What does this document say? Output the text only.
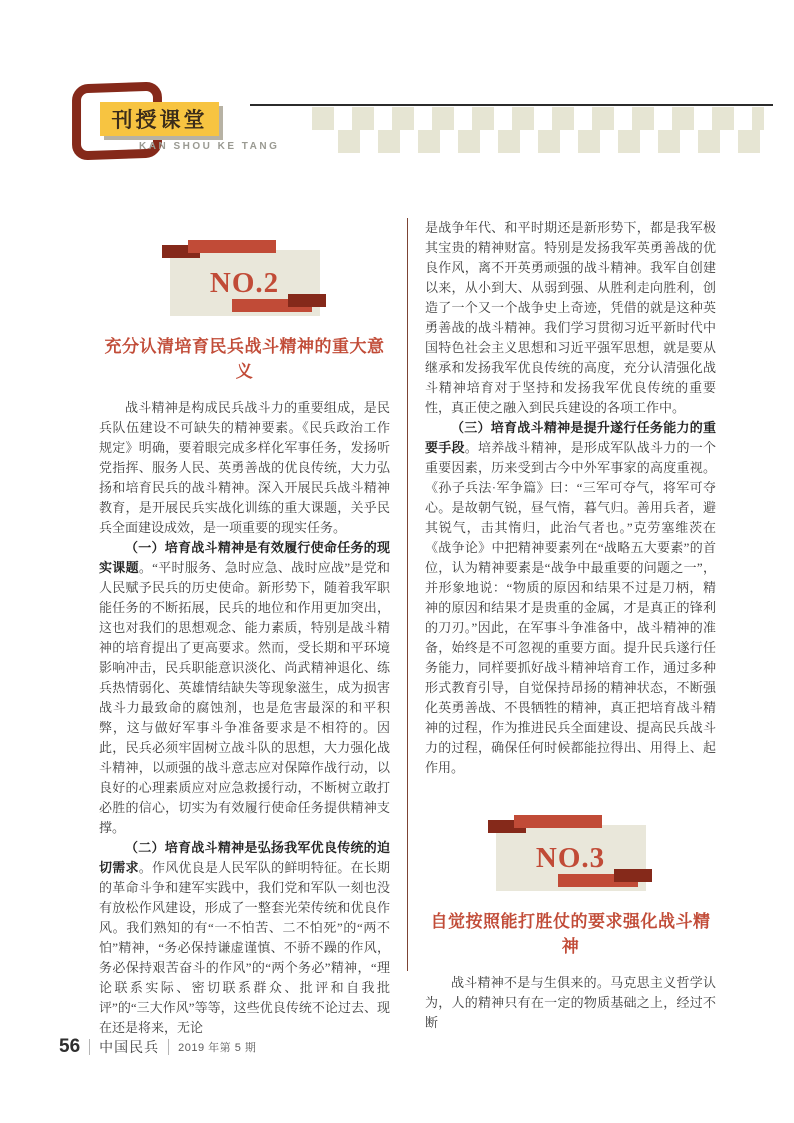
刊授课堂
KAN SHOU KE TANG
NO.2
充分认清培育民兵战斗精神的重大意义

战斗精神是构成民兵战斗力的重要组成，是民兵队伍建设不可缺失的精神要素。《民兵政治工作规定》明确，要着眼完成多样化军事任务，发扬听党指挥、服务人民、英勇善战的优良传统，大力弘扬和培育民兵的战斗精神。深入开展民兵战斗精神教育，是开展民兵实战化训练的重大课题，关乎民兵全面建设成效，是一项重要的现实任务。

（一）培育战斗精神是有效履行使命任务的现实课题。“平时服务、急时应急、战时应战”是党和人民赋予民兵的历史使命。新形势下，随着我军职能任务的不断拓展，民兵的地位和作用更加突出，这也对我们的思想观念、能力素质，特别是战斗精神的培育提出了更高要求。然而，受长期和平环境影响冲击，民兵职能意识淡化、尚武精神退化、练兵热情弱化、英雄情结缺失等现象滋生，成为损害战斗力最致命的腐蚀剂，也是危害最深的和平积弊，这与做好军事斗争准备要求是不相符的。因此，民兵必须牢固树立战斗队的思想，大力强化战斗精神，以顽强的战斗意志应对保障作战行动，以良好的心理素质应对应急救援行动，不断树立敢打必胜的信心，切实为有效履行使命任务提供精神支撑。

（二）培育战斗精神是弘扬我军优良传统的迫切需求。作风优良是人民军队的鲜明特征。在长期的革命斗争和建军实践中，我们党和军队一刻也没有放松作风建设，形成了一整套光荣传统和优良作风。我们熟知的有“一不怕苦、二不怕死”的“两不怕”精神，“务必保持谦虚谨慎、不骄不躁的作风，务必保持艰苦奋斗的作风”的“两个务必”精神，“理论联系实际、密切联系群众、批评和自我批评”的“三大作风”等等，这些优良传统不论过去、现在还是将来，无论

是战争年代、和平时期还是新形势下，都是我军极其宝贵的精神财富。特别是发扬我军英勇善战的优良作风，离不开英勇顽强的战斗精神。我军自创建以来，从小到大、从弱到强、从胜利走向胜利，创造了一个又一个战争史上奇迹，凭借的就是这种英勇善战的战斗精神。我们学习贯彻习近平新时代中国特色社会主义思想和习近平强军思想，就是要从继承和发扬我军优良传统的高度，充分认清强化战斗精神培育对于坚持和发扬我军优良传统的重要性，真正使之融入到民兵建设的各项工作中。

（三）培育战斗精神是提升遂行任务能力的重要手段。培养战斗精神，是形成军队战斗力的一个重要因素，历来受到古今中外军事家的高度重视。《孙子兵法·军争篇》曰：“三军可夺气，将军可夺心。是故朝气锐，昼气惰，暮气归。善用兵者，避其锐气，击其惰归，此治气者也。”克劳塞维茨在《战争论》中把精神要素列在“战略五大要素”的首位，认为精神要素是“战争中最重要的问题之一”，并形象地说：“物质的原因和结果不过是刀柄，精神的原因和结果才是贵重的金属，才是真正的锋利的刀刃。”因此，在军事斗争准备中，战斗精神的准备，始终是不可忽视的重要方面。提升民兵遂行任务能力，同样要抓好战斗精神培育工作，通过多种形式教育引导，自觉保持昂扬的精神状态，不断强化英勇善战、不畏牺牲的精神，真正把培育战斗精神的过程，作为推进民兵全面建设、提高民兵战斗力的过程，确保任何时候都能拉得出、用得上、起作用。

NO.3
自觉按照能打胜仗的要求强化战斗精神

战斗精神不是与生俱来的。马克思主义哲学认为，人的精神只有在一定的物质基础之上，经过不断

56 中国民兵 2019 年第 5 期
